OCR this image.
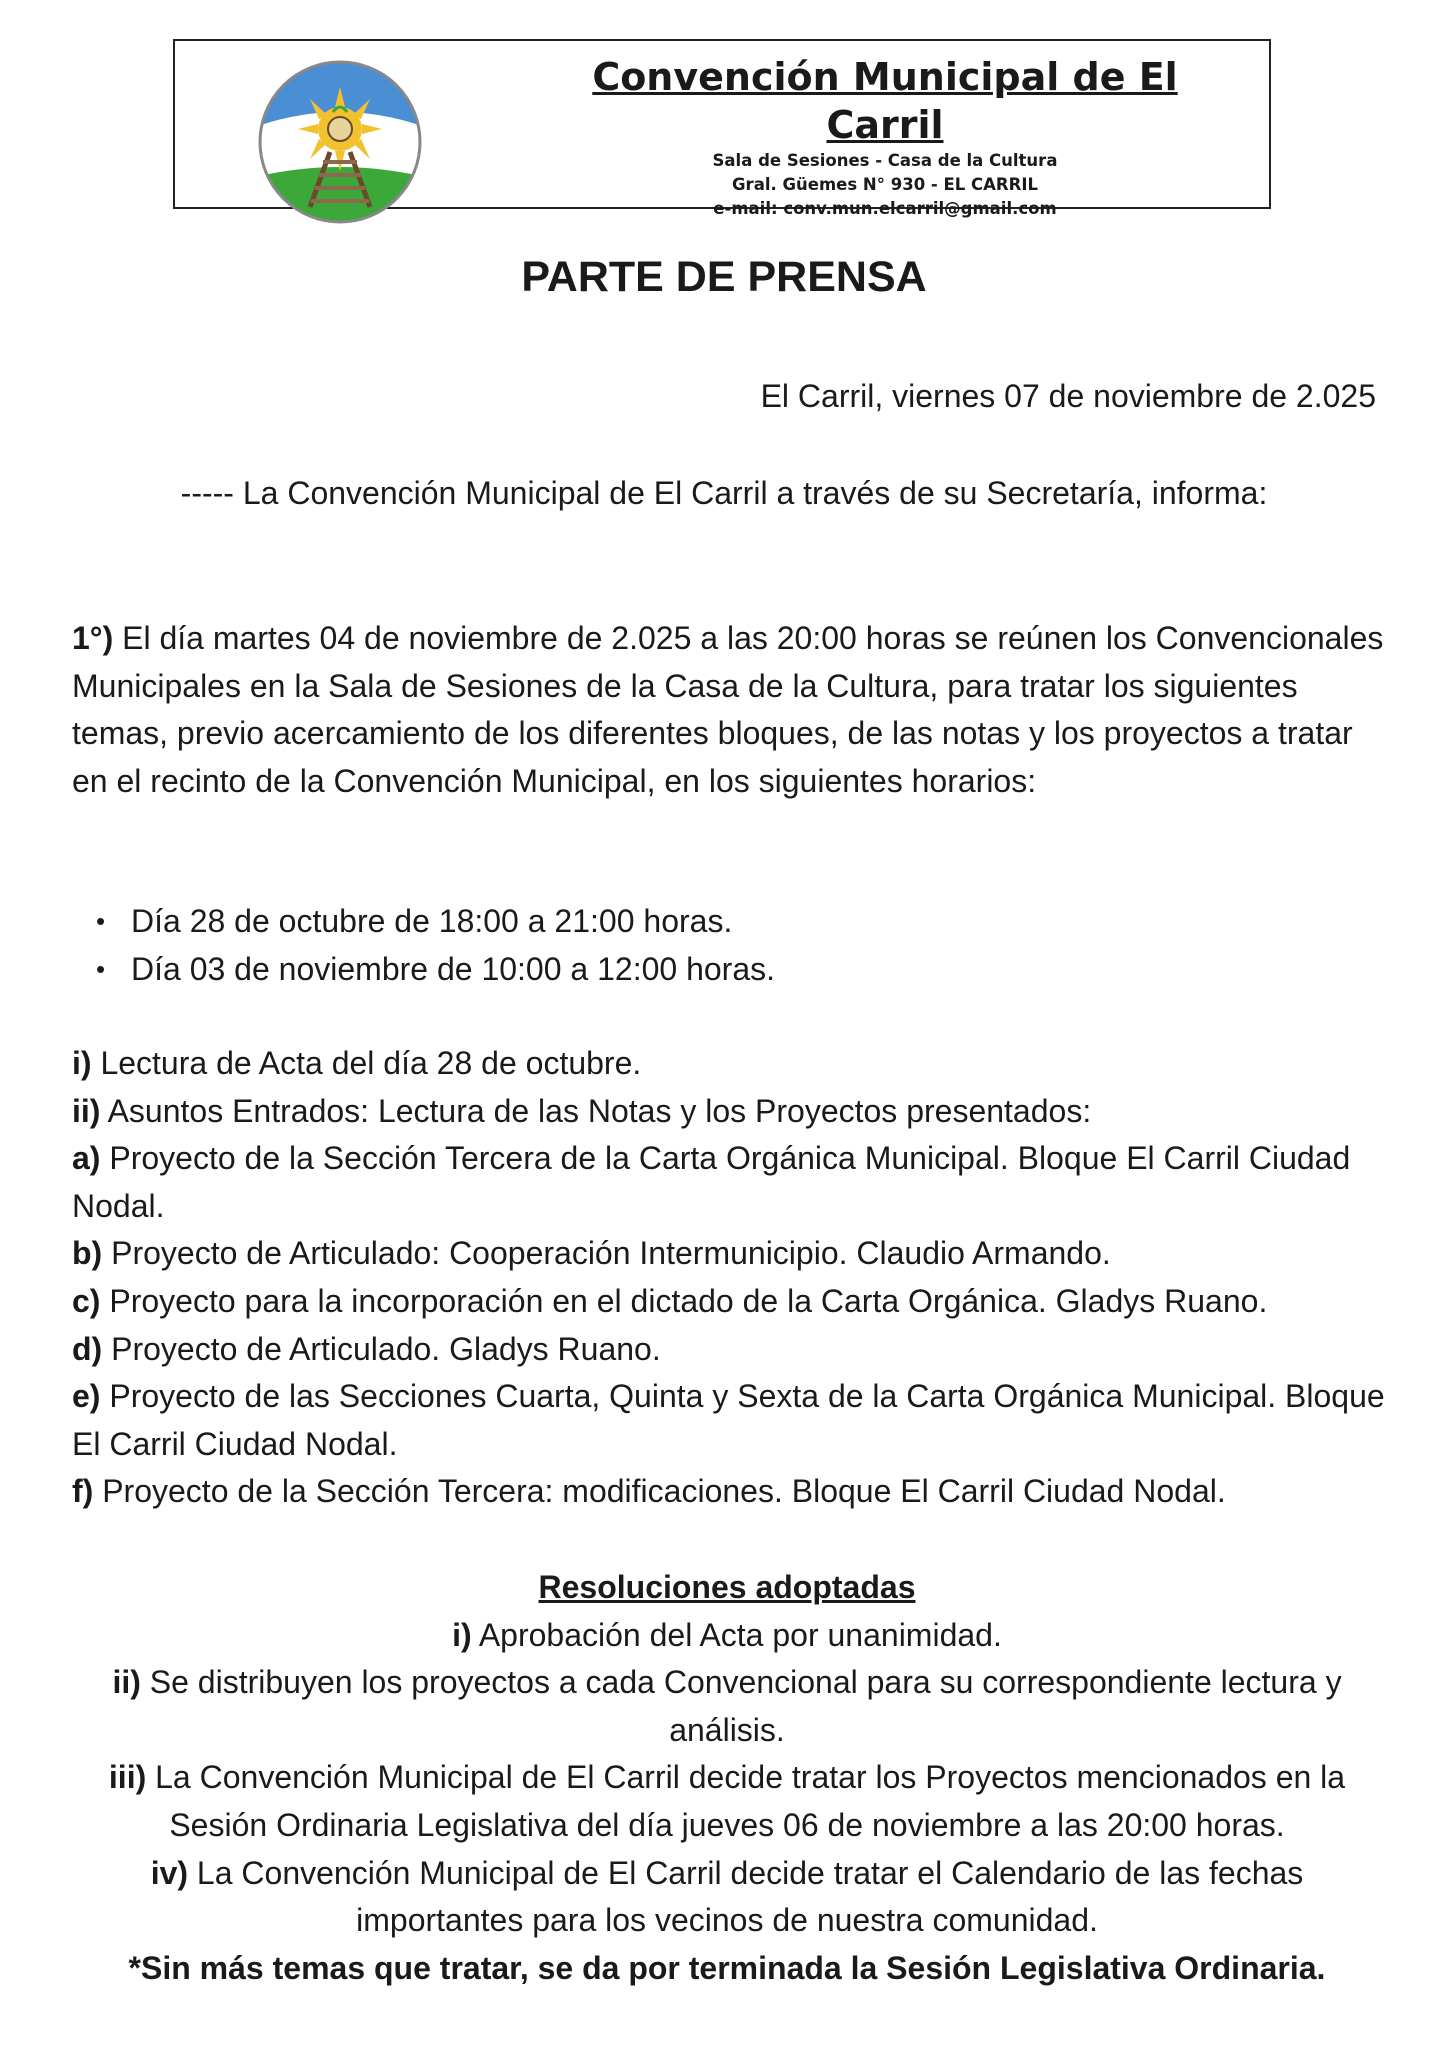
Convención Municipal de El Carril

Sala de Sesiones - Casa de la Cultura

Gral. Güemes N° 930 - EL CARRIL

e-mail: conv.mun.elcarril@gmail.com

PARTE DE PRENSA

El Carril, viernes 07 de noviembre de 2.025

----- La Convención Municipal de El Carril a través de su Secretaría, informa:

1°) El día martes 04 de noviembre de 2.025 a las 20:00 horas se reúnen los Convencionales Municipales en la Sala de Sesiones de la Casa de la Cultura, para tratar los siguientes temas, previo acercamiento de los diferentes bloques, de las notas y los proyectos a tratar en el recinto de la Convención Municipal, en los siguientes horarios:
• Día 28 de octubre de 18:00 a 21:00 horas.
• Día 03 de noviembre de 10:00 a 12:00 horas.

i) Lectura de Acta del día 28 de octubre.

ii) Asuntos Entrados: Lectura de las Notas y los Proyectos presentados:

a) Proyecto de la Sección Tercera de la Carta Orgánica Municipal. Bloque El Carril Ciudad Nodal.

b) Proyecto de Articulado: Cooperación Intermunicipio. Claudio Armando.

c) Proyecto para la incorporación en el dictado de la Carta Orgánica. Gladys Ruano.

d) Proyecto de Articulado. Gladys Ruano.

e) Proyecto de las Secciones Cuarta, Quinta y Sexta de la Carta Orgánica Municipal. Bloque El Carril Ciudad Nodal.

f) Proyecto de la Sección Tercera: modificaciones. Bloque El Carril Ciudad Nodal.

Resoluciones adoptadas

i) Aprobación del Acta por unanimidad.

ii) Se distribuyen los proyectos a cada Convencional para su correspondiente lectura y análisis.

iii) La Convención Municipal de El Carril decide tratar los Proyectos mencionados en la Sesión Ordinaria Legislativa del día jueves 06 de noviembre a las 20:00 horas.

iv) La Convención Municipal de El Carril decide tratar el Calendario de las fechas importantes para los vecinos de nuestra comunidad.

*Sin más temas que tratar, se da por terminada la Sesión Legislativa Ordinaria.
